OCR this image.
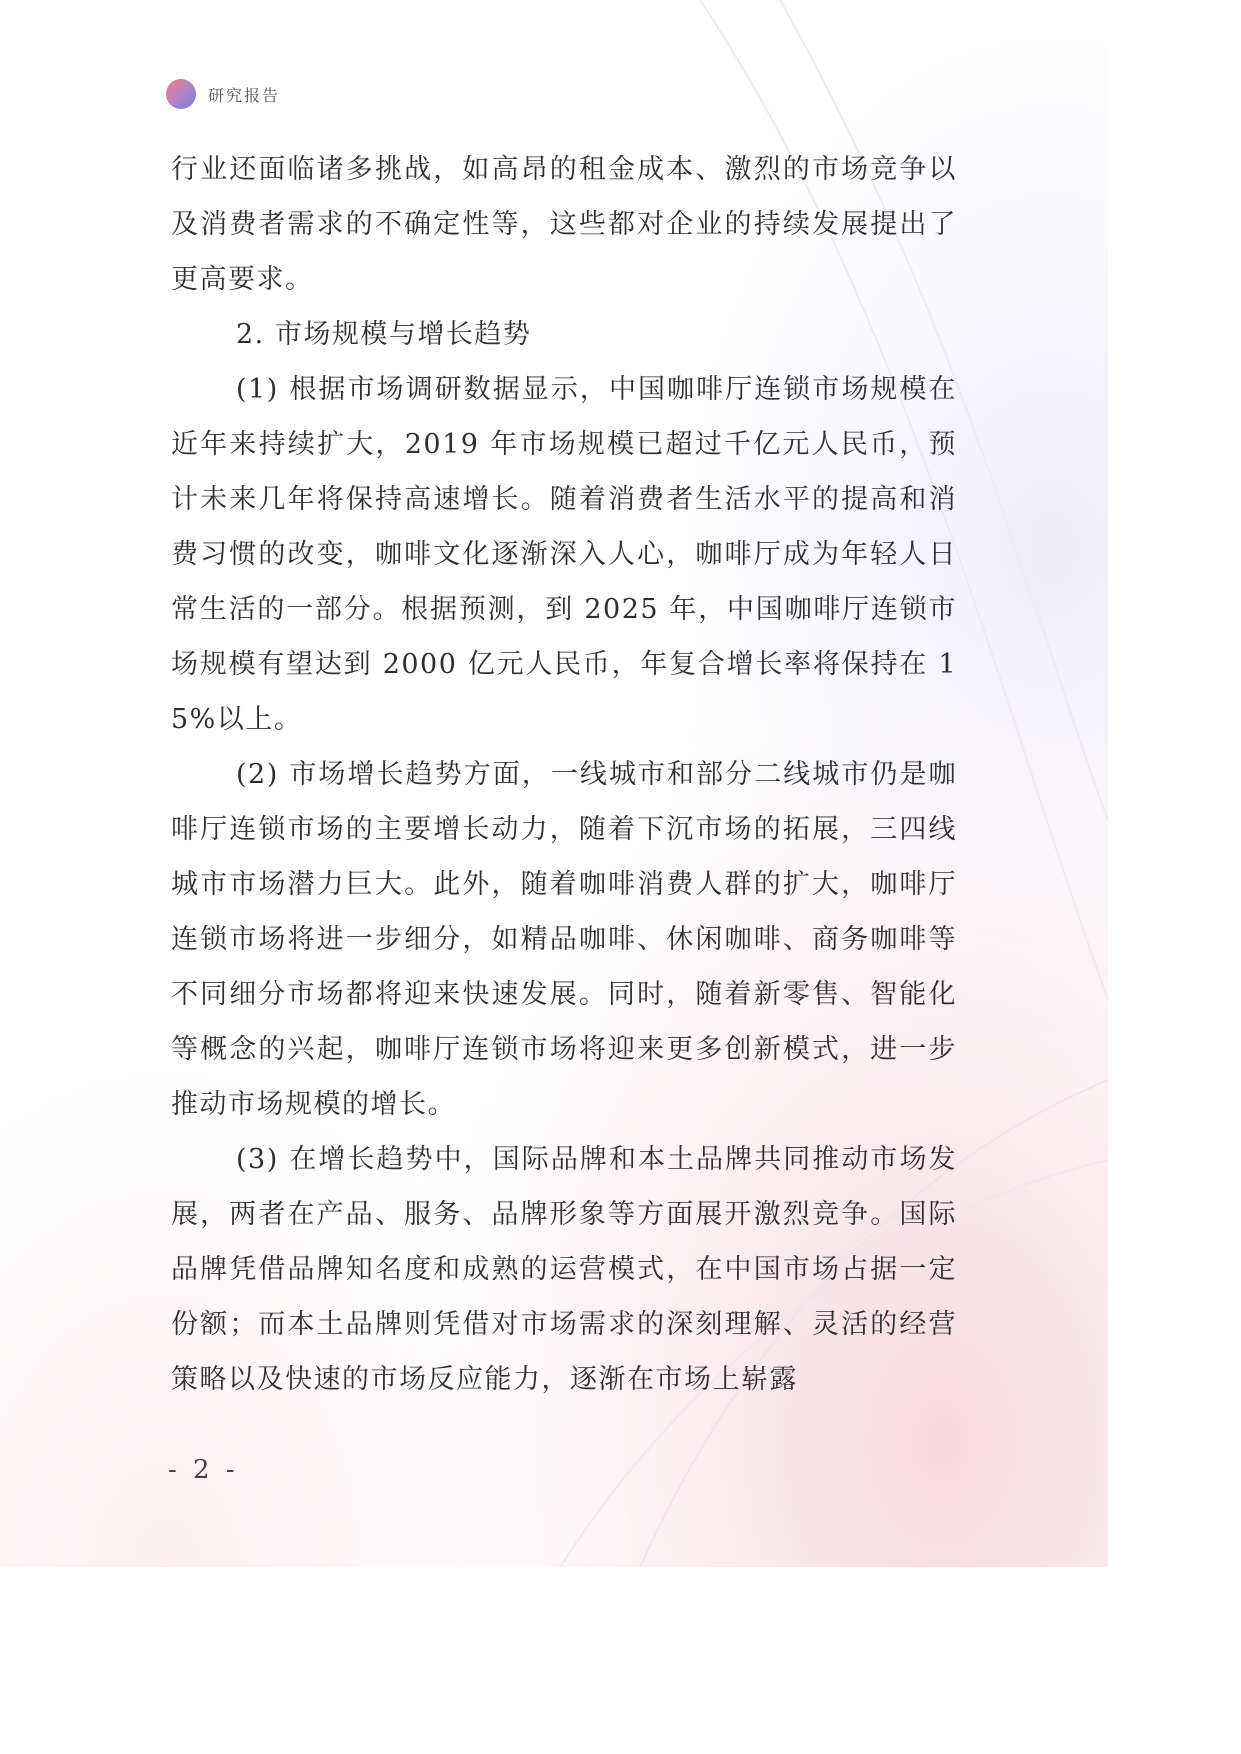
研究报告

行业还面临诸多挑战，如高昂的租金成本、激烈的市场竞争以及消费者需求的不确定性等，这些都对企业的持续发展提出了更高要求。

2. 市场规模与增长趋势

(1) 根据市场调研数据显示，中国咖啡厅连锁市场规模在近年来持续扩大，2019 年市场规模已超过千亿元人民币，预计未来几年将保持高速增长。随着消费者生活水平的提高和消费习惯的改变，咖啡文化逐渐深入人心，咖啡厅成为年轻人日常生活的一部分。根据预测，到 2025 年，中国咖啡厅连锁市场规模有望达到 2000 亿元人民币，年复合增长率将保持在 15%以上。

(2) 市场增长趋势方面，一线城市和部分二线城市仍是咖啡厅连锁市场的主要增长动力，随着下沉市场的拓展，三四线城市市场潜力巨大。此外，随着咖啡消费人群的扩大，咖啡厅连锁市场将进一步细分，如精品咖啡、休闲咖啡、商务咖啡等不同细分市场都将迎来快速发展。同时，随着新零售、智能化等概念的兴起，咖啡厅连锁市场将迎来更多创新模式，进一步推动市场规模的增长。

(3) 在增长趋势中，国际品牌和本土品牌共同推动市场发展，两者在产品、服务、品牌形象等方面展开激烈竞争。国际品牌凭借品牌知名度和成熟的运营模式，在中国市场占据一定份额；而本土品牌则凭借对市场需求的深刻理解、灵活的经营策略以及快速的市场反应能力，逐渐在市场上崭露

- 2 -
